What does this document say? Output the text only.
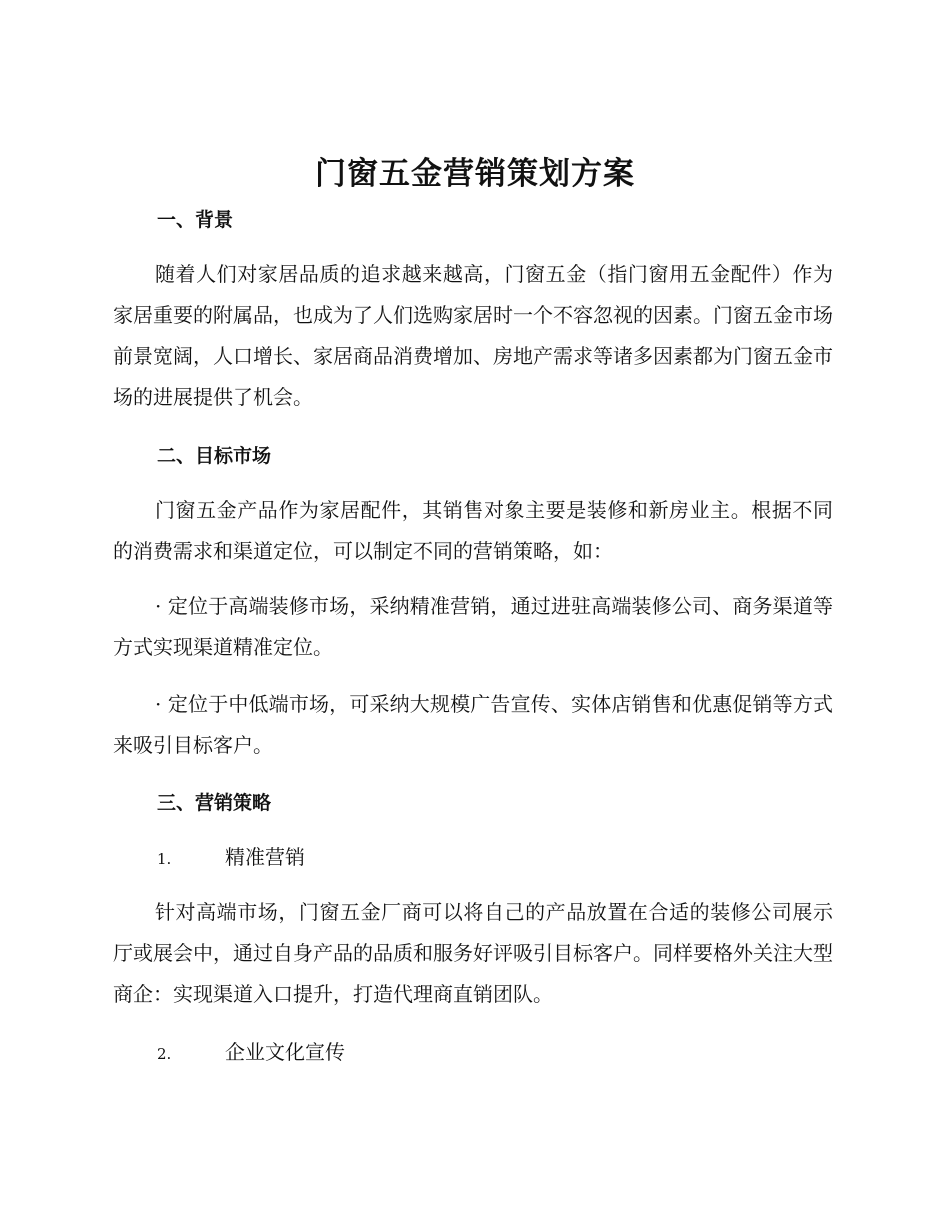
门窗五金营销策划方案
一、背景

随着人们对家居品质的追求越来越高，门窗五金（指门窗用五金配件）作为家居重要的附属品，也成为了人们选购家居时一个不容忽视的因素。门窗五金市场前景宽阔，人口增长、家居商品消费增加、房地产需求等诸多因素都为门窗五金市场的进展提供了机会。

二、目标市场

门窗五金产品作为家居配件，其销售对象主要是装修和新房业主。根据不同的消费需求和渠道定位，可以制定不同的营销策略，如：

· 定位于高端装修市场，采纳精准营销，通过进驻高端装修公司、商务渠道等方式实现渠道精准定位。

· 定位于中低端市场，可采纳大规模广告宣传、实体店销售和优惠促销等方式来吸引目标客户。

三、营销策略
1.	精准营销

针对高端市场，门窗五金厂商可以将自己的产品放置在合适的装修公司展示厅或展会中，通过自身产品的品质和服务好评吸引目标客户。同样要格外关注大型商企：实现渠道入口提升，打造代理商直销团队。

2.	企业文化宣传
